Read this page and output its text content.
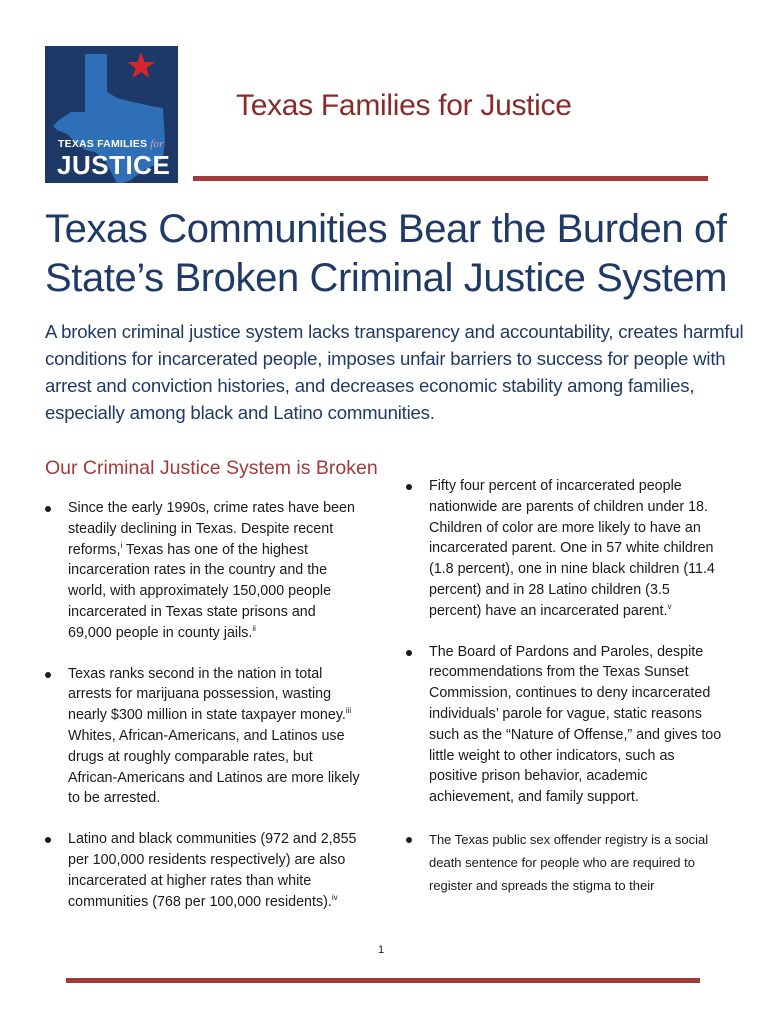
TEXAS FAMILIES for
JUSTICE
Texas Families for Justice
Texas Communities Bear the Burden of State’s Broken Criminal Justice System

A broken criminal justice system lacks transparency and accountability, creates harmful conditions for incarcerated people, imposes unfair barriers to success for people with arrest and conviction histories, and decreases economic stability among families, especially among black and Latino communities.

Our Criminal Justice System is Broken
Since the early 1990s, crime rates have been steadily declining in Texas. Despite recent reforms,$^i$ Texas has one of the highest incarceration rates in the country and the world, with approximately 150,000 people incarcerated in Texas state prisons and 69,000 people in county jails.$^{ii}$
Texas ranks second in the nation in total arrests for marijuana possession, wasting nearly $300 million in state taxpayer money.$^{iii}$ Whites, African-Americans, and Latinos use drugs at roughly comparable rates, but African-Americans and Latinos are more likely to be arrested.
Latino and black communities (972 and 2,855 per 100,000 residents respectively) are also incarcerated at higher rates than white communities (768 per 100,000 residents).$^{iv}$
Fifty four percent of incarcerated people nationwide are parents of children under 18. Children of color are more likely to have an incarcerated parent. One in 57 white children (1.8 percent), one in nine black children (11.4 percent) and in 28 Latino children (3.5 percent) have an incarcerated parent.$^v$
The Board of Pardons and Paroles, despite recommendations from the Texas Sunset Commission, continues to deny incarcerated individuals’ parole for vague, static reasons such as the “Nature of Offense,” and gives too little weight to other indicators, such as positive prison behavior, academic achievement, and family support.
The Texas public sex offender registry is a social death sentence for people who are required to register and spreads the stigma to their
1
